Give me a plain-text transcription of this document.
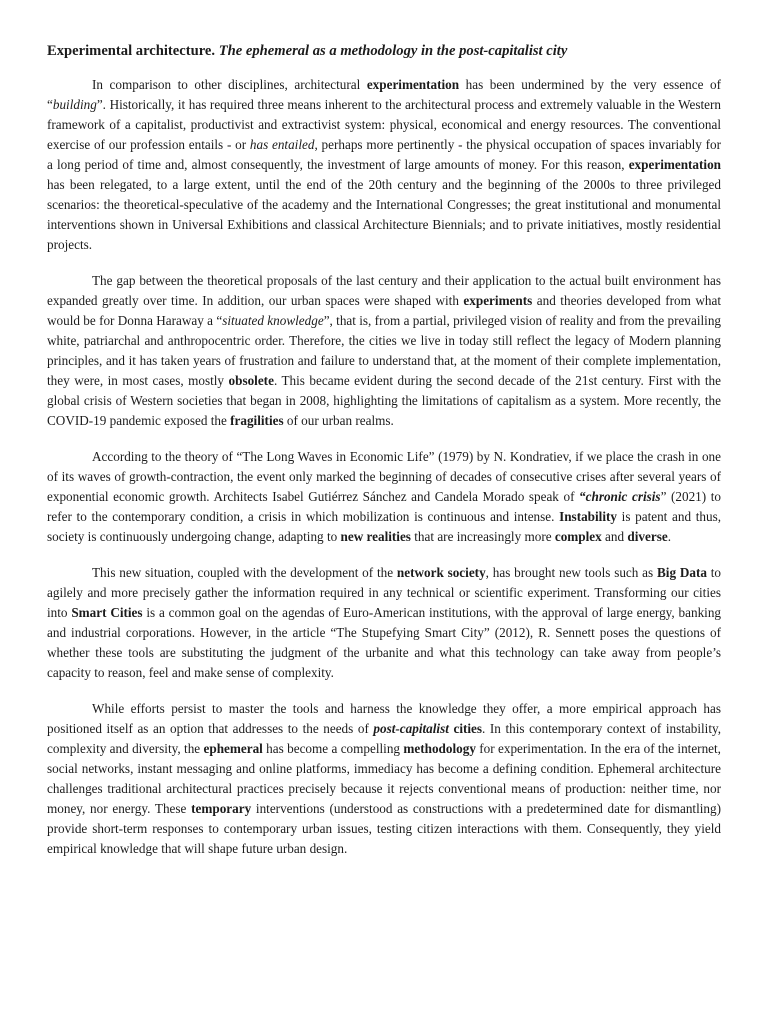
Experimental architecture. The ephemeral as a methodology in the post-capitalist city

In comparison to other disciplines, architectural experimentation has been undermined by the very essence of “building”. Historically, it has required three means inherent to the architectural process and extremely valuable in the Western framework of a capitalist, productivist and extractivist system: physical, economical and energy resources. The conventional exercise of our profession entails - or has entailed, perhaps more pertinently - the physical occupation of spaces invariably for a long period of time and, almost consequently, the investment of large amounts of money. For this reason, experimentation has been relegated, to a large extent, until the end of the 20th century and the beginning of the 2000s to three privileged scenarios: the theoretical-speculative of the academy and the International Congresses; the great institutional and monumental interventions shown in Universal Exhibitions and classical Architecture Biennials; and to private initiatives, mostly residential projects.

The gap between the theoretical proposals of the last century and their application to the actual built environment has expanded greatly over time. In addition, our urban spaces were shaped with experiments and theories developed from what would be for Donna Haraway a “situated knowledge”, that is, from a partial, privileged vision of reality and from the prevailing white, patriarchal and anthropocentric order. Therefore, the cities we live in today still reflect the legacy of Modern planning principles, and it has taken years of frustration and failure to understand that, at the moment of their complete implementation, they were, in most cases, mostly obsolete. This became evident during the second decade of the 21st century. First with the global crisis of Western societies that began in 2008, highlighting the limitations of capitalism as a system. More recently, the COVID-19 pandemic exposed the fragilities of our urban realms.

According to the theory of “The Long Waves in Economic Life” (1979) by N. Kondratiev, if we place the crash in one of its waves of growth-contraction, the event only marked the beginning of decades of consecutive crises after several years of exponential economic growth. Architects Isabel Gutiérrez Sánchez and Candela Morado speak of “chronic crisis” (2021) to refer to the contemporary condition, a crisis in which mobilization is continuous and intense. Instability is patent and thus, society is continuously undergoing change, adapting to new realities that are increasingly more complex and diverse.

This new situation, coupled with the development of the network society, has brought new tools such as Big Data to agilely and more precisely gather the information required in any technical or scientific experiment. Transforming our cities into Smart Cities is a common goal on the agendas of Euro-American institutions, with the approval of large energy, banking and industrial corporations. However, in the article “The Stupefying Smart City” (2012), R. Sennett poses the questions of whether these tools are substituting the judgment of the urbanite and what this technology can take away from people’s capacity to reason, feel and make sense of complexity.

While efforts persist to master the tools and harness the knowledge they offer, a more empirical approach has positioned itself as an option that addresses to the needs of post-capitalist cities. In this contemporary context of instability, complexity and diversity, the ephemeral has become a compelling methodology for experimentation. In the era of the internet, social networks, instant messaging and online platforms, immediacy has become a defining condition. Ephemeral architecture challenges traditional architectural practices precisely because it rejects conventional means of production: neither time, nor money, nor energy. These temporary interventions (understood as constructions with a predetermined date for dismantling) provide short-term responses to contemporary urban issues, testing citizen interactions with them. Consequently, they yield empirical knowledge that will shape future urban design.
